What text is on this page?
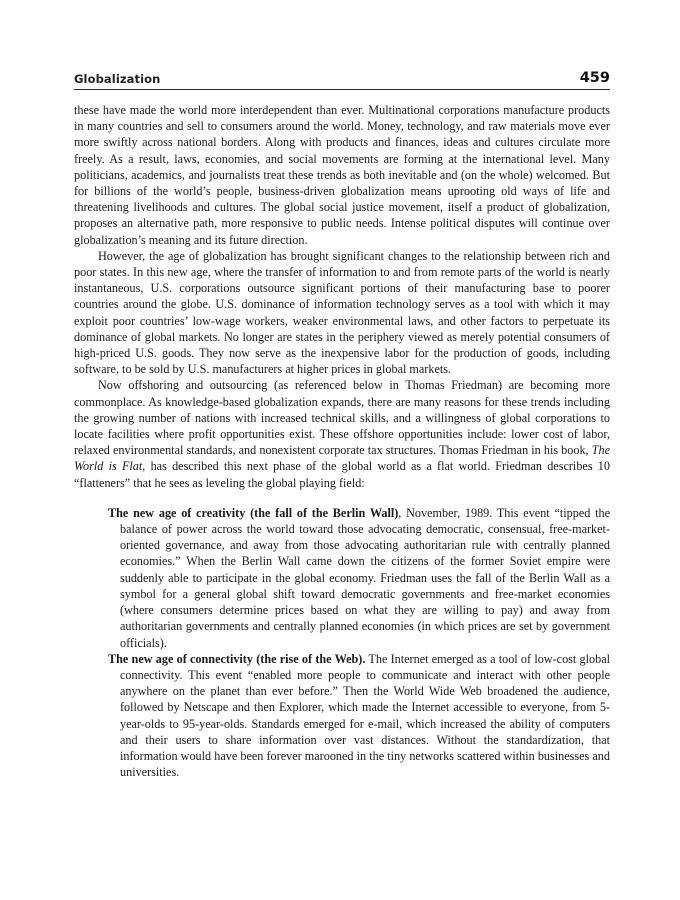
Globalization	459

these have made the world more interdependent than ever. Multinational corporations manufacture products in many countries and sell to consumers around the world. Money, technology, and raw materials move ever more swiftly across national borders. Along with products and finances, ideas and cultures circulate more freely. As a result, laws, economies, and social movements are forming at the international level. Many politicians, academics, and journalists treat these trends as both inevitable and (on the whole) welcomed. But for billions of the world’s people, business-driven globalization means uprooting old ways of life and threatening livelihoods and cultures. The global social justice movement, itself a product of globalization, proposes an alternative path, more responsive to public needs. Intense political disputes will continue over globalization’s meaning and its future direction.

However, the age of globalization has brought significant changes to the relationship between rich and poor states. In this new age, where the transfer of information to and from remote parts of the world is nearly instantaneous, U.S. corporations outsource significant portions of their manufacturing base to poorer countries around the globe. U.S. dominance of information technology serves as a tool with which it may exploit poor countries’ low-wage workers, weaker environmental laws, and other factors to perpetuate its dominance of global markets. No longer are states in the periphery viewed as merely potential consumers of high-priced U.S. goods. They now serve as the inexpensive labor for the production of goods, including software, to be sold by U.S. manufacturers at higher prices in global markets.

Now offshoring and outsourcing (as referenced below in Thomas Friedman) are becoming more commonplace. As knowledge-based globalization expands, there are many reasons for these trends including the growing number of nations with increased technical skills, and a willingness of global corporations to locate facilities where profit opportunities exist. These offshore opportunities include: lower cost of labor, relaxed environmental standards, and nonexistent corporate tax structures. Thomas Friedman in his book, The World is Flat, has described this next phase of the global world as a flat world. Friedman describes 10 “flatteners” that he sees as leveling the global playing field:

The new age of creativity (the fall of the Berlin Wall), November, 1989. This event “tipped the balance of power across the world toward those advocating democratic, consensual, free-market-oriented governance, and away from those advocating authoritarian rule with centrally planned economies.” When the Berlin Wall came down the citizens of the former Soviet empire were suddenly able to participate in the global economy. Friedman uses the fall of the Berlin Wall as a symbol for a general global shift toward democratic governments and free-market economies (where consumers determine prices based on what they are willing to pay) and away from authoritarian governments and centrally planned economies (in which prices are set by government officials).

The new age of connectivity (the rise of the Web). The Internet emerged as a tool of low-cost global connectivity. This event “enabled more people to communicate and interact with other people anywhere on the planet than ever before.” Then the World Wide Web broadened the audience, followed by Netscape and then Explorer, which made the Internet accessible to everyone, from 5-year-olds to 95-year-olds. Standards emerged for e-mail, which increased the ability of computers and their users to share information over vast distances. Without the standardization, that information would have been forever marooned in the tiny networks scattered within businesses and universities.
